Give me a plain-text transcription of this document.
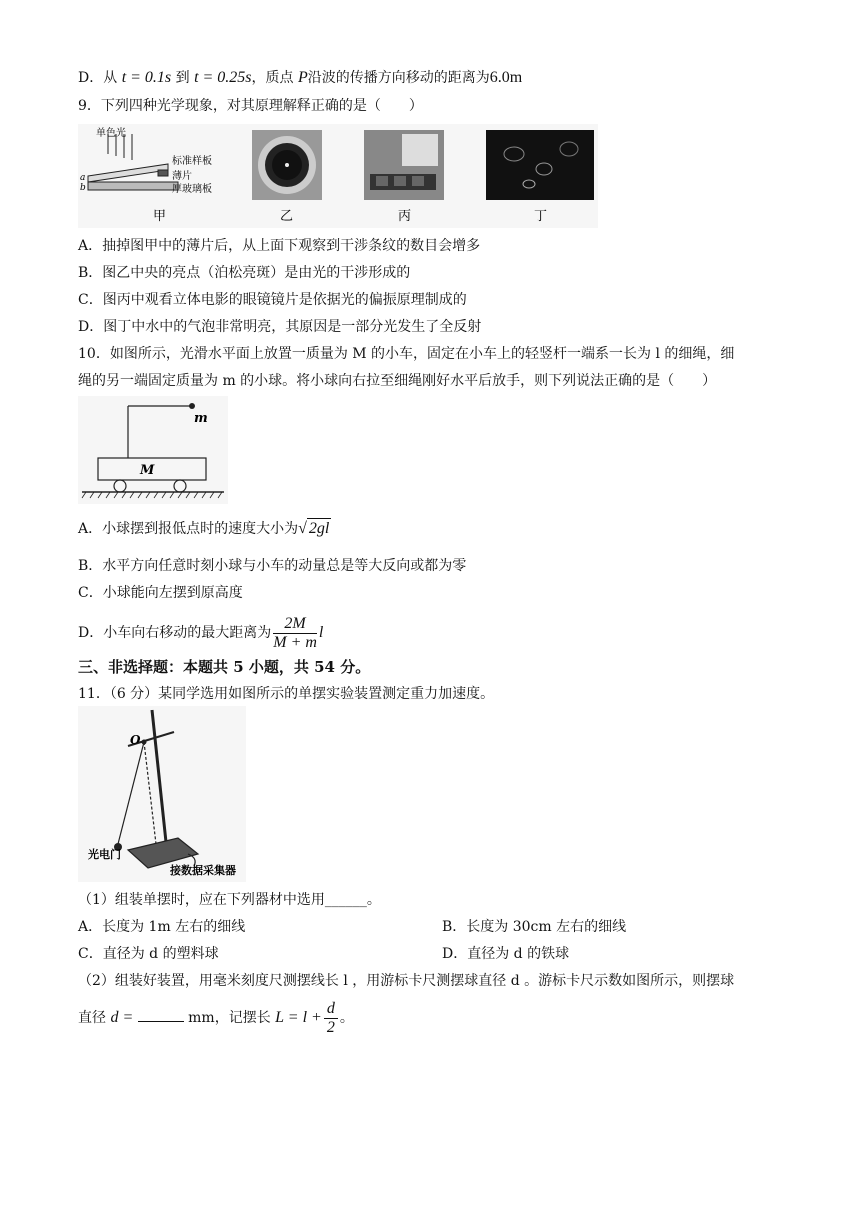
D．从 t = 0.1s 到 t = 0.25s，质点 P沿波的传播方向移动的距离为6.0m
9．下列四种光学现象，对其原理解释正确的是（　　）
单色光
标准样板
薄片
厚玻璃板
a
b
甲	乙	丙	丁
A．抽掉图甲中的薄片后，从上面下观察到干涉条纹的数目会增多
B．图乙中央的亮点（泊松亮斑）是由光的干涉形成的
C．图丙中观看立体电影的眼镜镜片是依据光的偏振原理制成的
D．图丁中水中的气泡非常明亮，其原因是一部分光发生了全反射
10．如图所示，光滑水平面上放置一质量为 M 的小车，固定在小车上的轻竖杆一端系一长为 l 的细绳，细
绳的另一端固定质量为 m 的小球。将小球向右拉至细绳刚好水平后放手，则下列说法正确的是（　　）
m
M
A．小球摆到报低点时的速度大小为√ 2gl
B．水平方向任意时刻小球与小车的动量总是等大反向或都为零
C．小球能向左摆到原高度
D．小车向右移动的最大距离为 $\frac{2M}{M + m}$ l
三、非选择题：本题共 5 小题，共 54 分。
11．（6 分）某同学选用如图所示的单摆实验装置测定重力加速度。
O
光电门
接数据采集器
（1）组装单摆时，应在下列器材中选用______。
A．长度为 1m 左右的细线	B．长度为 30cm 左右的细线
C．直径为 d 的塑料球	D．直径为 d 的铁球
（2）组装好装置，用毫米刻度尺测摆线长 l ，用游标卡尺测摆球直径 d 。游标卡尺示数如图所示，则摆球
直径 d =	mm，记摆长 $L = l + \frac{d}{2}$ 。
